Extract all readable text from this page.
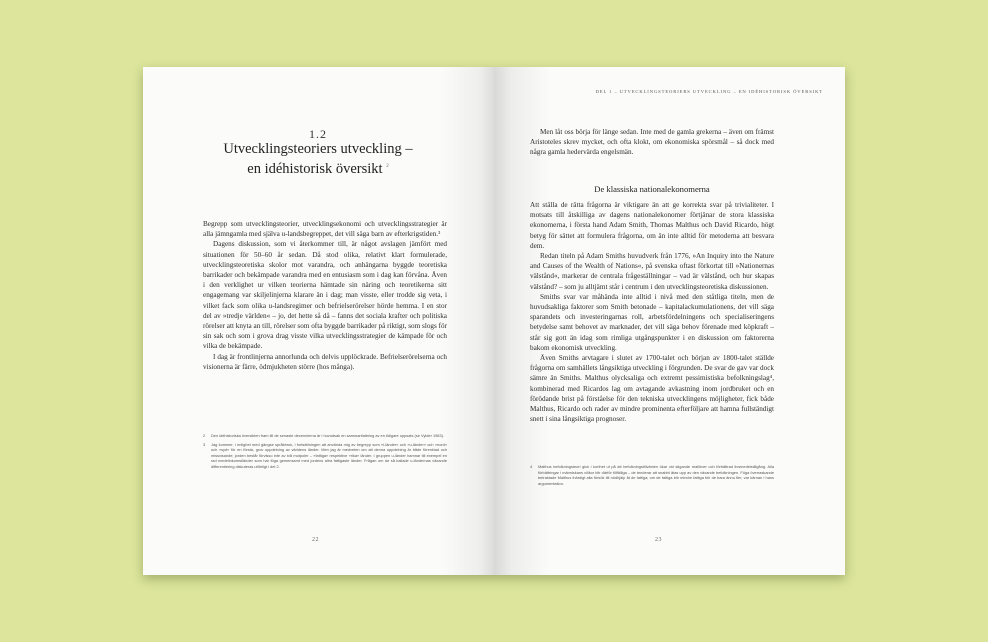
1.2
Utvecklingsteoriers utveckling –
en idéhistorisk översikt $^2$

Begrepp som utvecklingsteorier, utvecklingsekonomi och utvecklingsstrategier är alla jämngamla med själva u-landsbegreppet, det vill säga barn av efterkrigstiden.³

Dagens diskussion, som vi återkommer till, är något avslagen jämfört med situationen för 50–60 år sedan. Då stod olika, relativt klart formulerade, utvecklingsteoretiska skolor mot varandra, och anhängarna byggde teoretiska barrikader och bekämpade varandra med en entusiasm som i dag kan förvåna. Även i den verklighet ur vilken teorierna hämtade sin näring och teoretikerna sitt engagemang var skiljelinjerna klarare än i dag; man visste, eller trodde sig veta, i vilket fack som olika u-landsregimer och befrielserörelser hörde hemma. I en stor del av »tredje världen« – jo, det hette så då – fanns det sociala krafter och politiska rörelser att knyta an till, rörelser som ofta byggde barrikader på riktigt, som slogs för sin sak och som i grova drag visste vilka utvecklingsstrategier de kämpade för och vilka de bekämpade.

I dag är frontlinjerna annorlunda och delvis upplöckrade. Befrielserörelserna och visionerna är färre, ödmjukheten större (hos många).

2	Den idéhistoriska översikten fram till de senaste decennierna är i huvudsak en sammanfattning av en tidigare uppsats (se Vylder 1983).
3	Jag kommer, i enlighet med gängse språkbruk, i fortsättningen att använda mig av begrepp som »i-länder« och »u-länder« och »nord« och »syd« för en första, grov uppdelning av världens länder. Men jag är medveten om att denna uppdelning är både förenklad och missvisande; jorden består förvisso inte av två motpoler – »fattiga« respektive »rika« länder. I gruppen u-länder hamnar till exempel en rad medelinkomstländer som har föga gemensamt med jordens allra fattigaste länder. Frågan om de så kallade u-ländernas växande differentiering diskuteras utförligt i del 2.
22
DEL 1 – UTVECKLINGSTEORIERS UTVECKLING – EN IDÉHISTORISK ÖVERSIKT

Men låt oss börja för länge sedan. Inte med de gamla grekerna – även om främst Aristoteles skrev mycket, och ofta klokt, om ekonomiska spörsmål – så dock med några gamla hedervärda engelsmän.

De klassiska nationalekonomerna

Att ställa de rätta frågorna är viktigare än att ge korrekta svar på trivialiteter. I motsats till åtskilliga av dagens nationalekonomer förtjänar de stora klassiska ekonomerna, i första hand Adam Smith, Thomas Malthus och David Ricardo, högt betyg för sättet att formulera frågorna, om än inte alltid för metoderna att besvara dem.

Redan titeln på Adam Smiths huvudverk från 1776, »An Inquiry into the Nature and Causes of the Wealth of Nations«, på svenska oftast förkortat till »Nationernas välstånd«, markerar de centrala frågeställningar – vad är välstånd, och hur skapas välstånd? – som ju alltjämt står i centrum i den utvecklingsteoretiska diskussionen.

Smiths svar var måhända inte alltid i nivå med den ståtliga titeln, men de huvudsakliga faktorer som Smith betonade – kapitalackumulationens, det vill säga sparandets och investeringarnas roll, arbetsfördelningens och specialiseringens betydelse samt behovet av marknader, det vill säga behov förenade med köpkraft – står sig gott än idag som rimliga utgångspunkter i en diskussion om faktorerna bakom ekonomisk utveckling.

Även Smiths arvtagare i slutet av 1700-talet och början av 1800-talet ställde frågorna om samhällets långsiktiga utveckling i förgrunden. De svar de gav var dock sämre än Smiths. Malthus olycksaliga och extremt pessimistiska befolkningslag⁴, kombinerad med Ricardos lag om avtagande avkastning inom jordbruket och en förödande brist på förståelse för den tekniska utvecklingens möjligheter, fick både Malthus, Ricardo och rader av mindre prominenta efterföljare att hamna fullständigt snett i sina långsiktiga prognoser.

4	Malthus befolkningsteori gick i korthet ut på att befolkningstillväxten ökar vid stigande reallöner och förbättrad livsmedelstillgång. Alla förbättringar i människans villkor blir därför tillfälliga – de tenderar att snabbt ätas upp av den växande befolkningen. Föga överraskande betraktade Malthus ihärdigt alla försök till nödhjälp åt de fattiga; om de fattiga blir mindre fattiga blir de bara ännu fler, var kärnan i hans argumentation.
23
